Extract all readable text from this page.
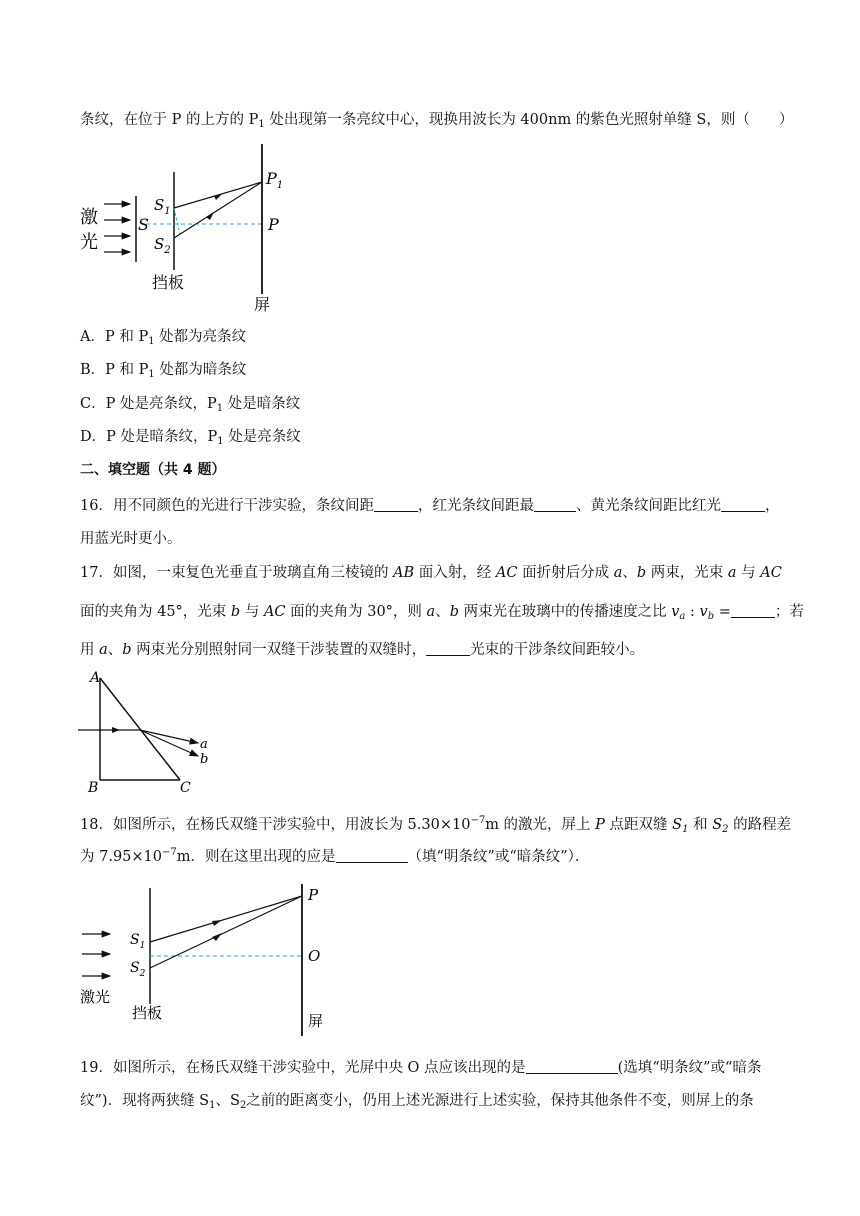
条纹，在位于 P 的上方的 $P_1$ 处出现第一条亮纹中心，现换用波长为 400nm 的紫色光照射单缝 S，则（　　）
激
光
S
$S_1$
$S_2$
$P_1$
P
挡板
屏
A．P 和 $P_1$ 处都为亮条纹
B．P 和 $P_1$ 处都为暗条纹
C．P 处是亮条纹，$P_1$ 处是暗条纹
D．P 处是暗条纹，$P_1$ 处是亮条纹
二、填空题（共 4 题）
16．用不同颜色的光进行干涉实验，条纹间距	，红光条纹间距最	、黄光条纹间距比红光	，
用蓝光时更小。
17．如图，一束复色光垂直于玻璃直角三棱镜的 AB 面入射，经 AC 面折射后分成 a、b 两束，光束 a 与 AC
面的夹角为 45°，光束 b 与 AC 面的夹角为 30°，则 a、b 两束光在玻璃中的传播速度之比 $v_a$ : $v_b$ =	；若
用 a、b 两束光分别照射同一双缝干涉装置的双缝时，	光束的干涉条纹间距较小。
A
a
b
B	C
18．如图所示，在杨氏双缝干涉实验中，用波长为 $5.30\times 10^{-7}m$ 的激光，屏上 P 点距双缝 $S_1$ 和 $S_2$ 的路程差
为 $7.95\times 10^{-7}m$．则在这里出现的应是	（填“明条纹”或“暗条纹”）．
激光
$S_1$
$S_2$
P
O
挡板	屏
19．如图所示，在杨氏双缝干涉实验中，光屏中央 O 点应该出现的是	(选填“明条纹”或“暗条
纹”)．现将两狭缝 $S_1$、$S_2$之前的距离变小，仍用上述光源进行上述实验，保持其他条件不变，则屏上的条
